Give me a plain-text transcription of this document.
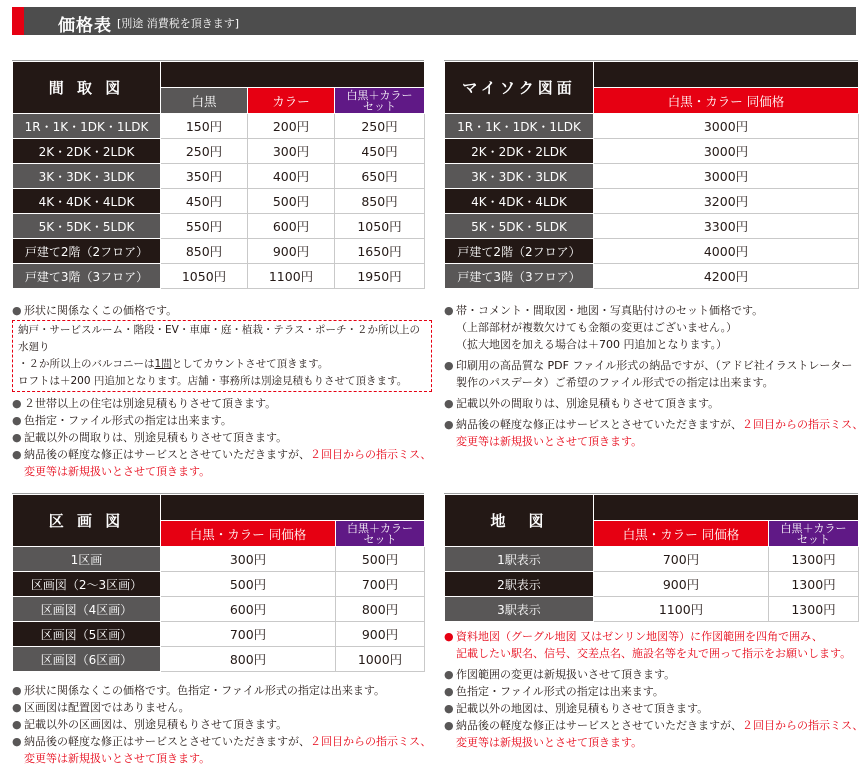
価格表 [別途 消費税を頂きます]
間 取 図			
	白黒	カラー	白黒＋カラー
セット
1R・1K・1DK・1LDK	150円	200円	250円
2K・2DK・2LDK	250円	300円	450円
3K・3DK・3LDK	350円	400円	650円
4K・4DK・4LDK	450円	500円	850円
5K・5DK・5LDK	550円	600円	1050円
戸建て2階（2フロア）	850円	900円	1650円
戸建て3階（3フロア）	1050円	1100円	1950円
● 形状に関係なくこの価格です。
納戸・サービスルーム・階段・EV・車庫・庭・植栽・テラス・ポーチ・２か所以上の水廻り
・２か所以上のバルコニーは1間としてカウントさせて頂きます。
ロフトは＋200 円追加となります。店舗・事務所は別途見積もりさせて頂きます。
● ２世帯以上の住宅は別途見積もりさせて頂きます。
● 色指定・ファイル形式の指定は出来ます。
● 記載以外の間取りは、別途見積もりさせて頂きます。
● 納品後の軽度な修正はサービスとさせていただきますが、２回目からの指示ミス、
変更等は新規扱いとさせて頂きます。
マイソク図面	
	白黒・カラー 同価格
1R・1K・1DK・1LDK	3000円
2K・2DK・2LDK	3000円
3K・3DK・3LDK	3000円
4K・4DK・4LDK	3200円
5K・5DK・5LDK	3300円
戸建て2階（2フロア）	4000円
戸建て3階（3フロア）	4200円
● 帯・コメント・間取図・地図・写真貼付けのセット価格です。
（上部部材が複数欠けても金額の変更はございません。）
（拡大地図を加える場合は＋700 円追加となります。）
● 印刷用の高品質な PDF ファイル形式の納品ですが、（アドビ社イラストレーター
製作のパスデータ）ご希望のファイル形式での指定は出来ます。
● 記載以外の間取りは、別途見積もりさせて頂きます。
● 納品後の軽度な修正はサービスとさせていただきますが、２回目からの指示ミス、
変更等は新規扱いとさせて頂きます。
区 画 図		
	白黒・カラー 同価格	白黒＋カラー
セット
1区画	300円	500円
区画図（2〜3区画）	500円	700円
区画図（4区画）	600円	800円
区画図（5区画）	700円	900円
区画図（6区画）	800円	1000円
● 形状に関係なくこの価格です。色指定・ファイル形式の指定は出来ます。
● 区画図は配置図ではありません。
● 記載以外の区画図は、別途見積もりさせて頂きます。
● 納品後の軽度な修正はサービスとさせていただきますが、２回目からの指示ミス、
変更等は新規扱いとさせて頂きます。
地　図		
	白黒・カラー 同価格	白黒＋カラー
セット
1駅表示	700円	1300円
2駅表示	900円	1300円
3駅表示	1100円	1300円
● 資料地図（グーグル地図 又はゼンリン地図等）に作図範囲を四角で囲み、
記載したい駅名、信号、交差点名、施設名等を丸で囲って指示をお願いします。
● 作図範囲の変更は新規扱いさせて頂きます。
● 色指定・ファイル形式の指定は出来ます。
● 記載以外の地図は、別途見積もりさせて頂きます。
● 納品後の軽度な修正はサービスとさせていただきますが、２回目からの指示ミス、
変更等は新規扱いとさせて頂きます。
